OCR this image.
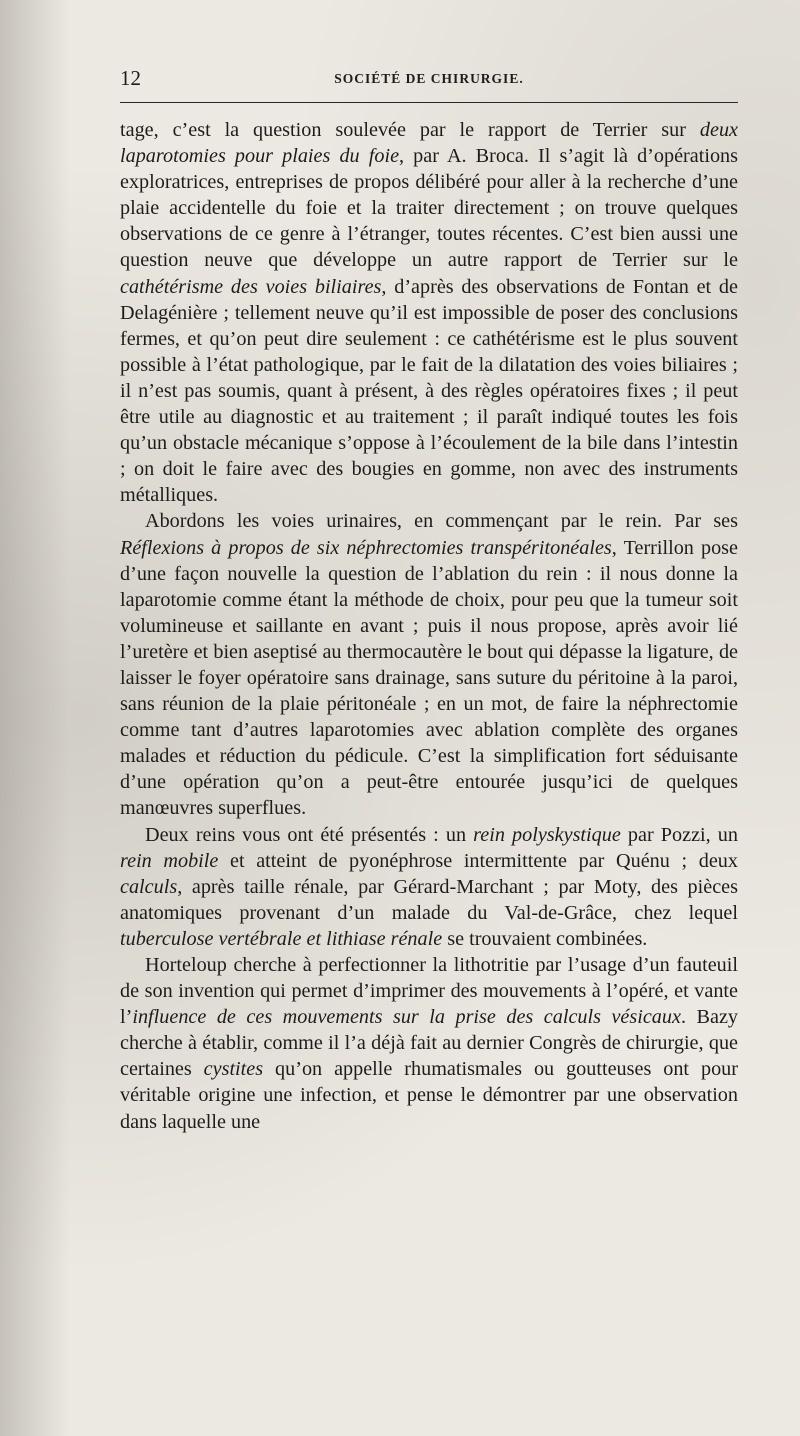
12	SOCIÉTÉ DE CHIRURGIE.

tage, c’est la question soulevée par le rapport de Terrier sur deux laparotomies pour plaies du foie, par A. Broca. Il s’agit là d’opérations exploratrices, entreprises de propos délibéré pour aller à la recherche d’une plaie accidentelle du foie et la traiter directement ; on trouve quelques observations de ce genre à l’étranger, toutes récentes. C’est bien aussi une question neuve que développe un autre rapport de Terrier sur le cathétérisme des voies biliaires, d’après des observations de Fontan et de Delagénière ; tellement neuve qu’il est impossible de poser des conclusions fermes, et qu’on peut dire seulement : ce cathétérisme est le plus souvent possible à l’état pathologique, par le fait de la dilatation des voies biliaires ; il n’est pas soumis, quant à présent, à des règles opératoires fixes ; il peut être utile au diagnostic et au traitement ; il paraît indiqué toutes les fois qu’un obstacle mécanique s’oppose à l’écoulement de la bile dans l’intestin ; on doit le faire avec des bougies en gomme, non avec des instruments métalliques.

Abordons les voies urinaires, en commençant par le rein. Par ses Réflexions à propos de six néphrectomies transpéritonéales, Terrillon pose d’une façon nouvelle la question de l’ablation du rein : il nous donne la laparotomie comme étant la méthode de choix, pour peu que la tumeur soit volumineuse et saillante en avant ; puis il nous propose, après avoir lié l’uretère et bien aseptisé au thermocautère le bout qui dépasse la ligature, de laisser le foyer opératoire sans drainage, sans suture du péritoine à la paroi, sans réunion de la plaie péritonéale ; en un mot, de faire la néphrectomie comme tant d’autres laparotomies avec ablation complète des organes malades et réduction du pédicule. C’est la simplification fort séduisante d’une opération qu’on a peut-être entourée jusqu’ici de quelques manœuvres superflues.

Deux reins vous ont été présentés : un rein polyskystique par Pozzi, un rein mobile et atteint de pyonéphrose intermittente par Quénu ; deux calculs, après taille rénale, par Gérard-Marchant ; par Moty, des pièces anatomiques provenant d’un malade du Val-de-Grâce, chez lequel tuberculose vertébrale et lithiase rénale se trouvaient combinées.

Horteloup cherche à perfectionner la lithotritie par l’usage d’un fauteuil de son invention qui permet d’imprimer des mouvements à l’opéré, et vante l’influence de ces mouvements sur la prise des calculs vésicaux. Bazy cherche à établir, comme il l’a déjà fait au dernier Congrès de chirurgie, que certaines cystites qu’on appelle rhumatismales ou goutteuses ont pour véritable origine une infection, et pense le démontrer par une observation dans laquelle une
